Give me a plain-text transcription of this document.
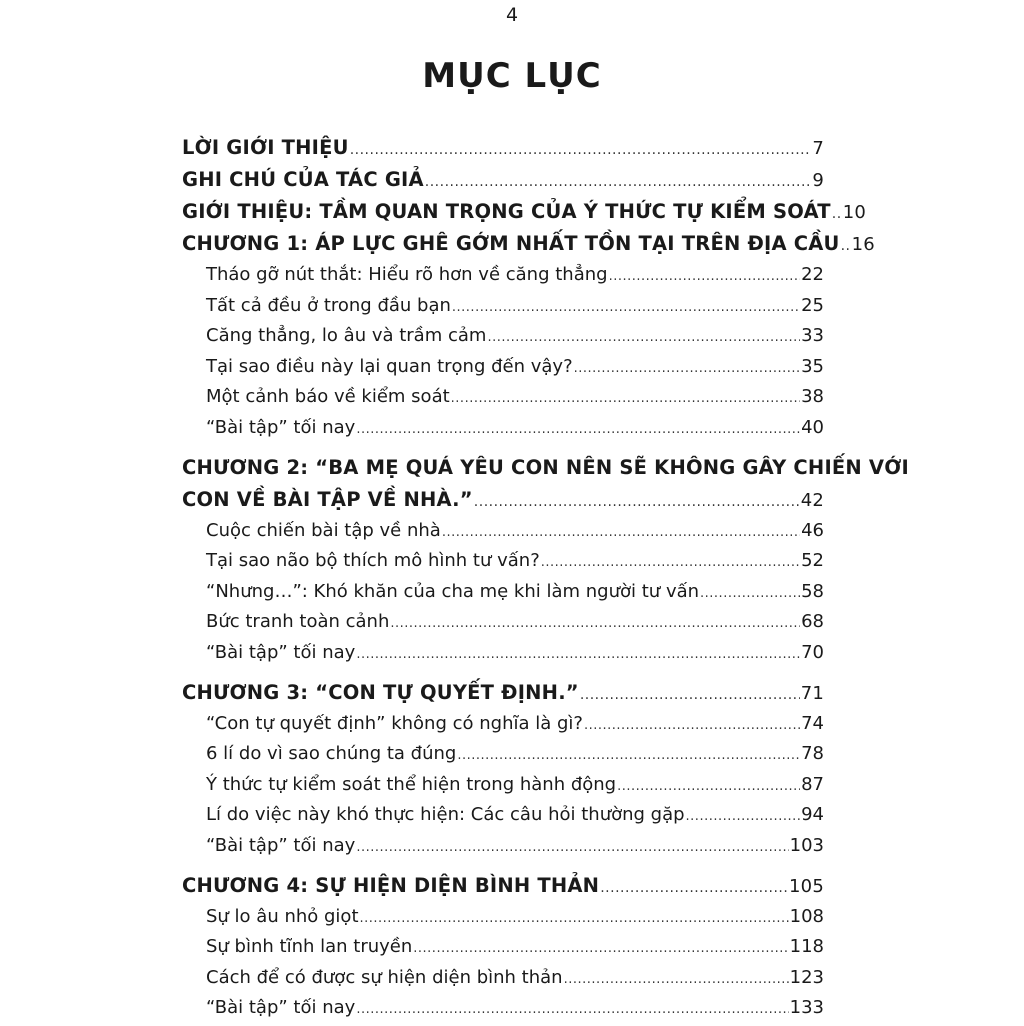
4
MỤC LỤC
LỜI GIỚI THIỆU .....	7
GHI CHÚ CỦA TÁC GIẢ .....	9
GIỚI THIỆU: TẦM QUAN TRỌNG CỦA Ý THỨC TỰ KIỂM SOÁT ..... 10
CHƯƠNG 1: ÁP LỰC GHÊ GỚM NHẤT TỒN TẠI TRÊN ĐỊA CẦU ..... 16
Tháo gỡ nút thắt: Hiểu rõ hơn về căng thẳng .....	22
Tất cả đều ở trong đầu bạn .....	25
Căng thẳng, lo âu và trầm cảm .....	33
Tại sao điều này lại quan trọng đến vậy? .....	35
Một cảnh báo về kiểm soát .....	38
“Bài tập” tối nay .....	40
CHƯƠNG 2: “BA MẸ QUÁ YÊU CON NÊN SẼ KHÔNG GÂY CHIẾN VỚI
CON VỀ BÀI TẬP VỀ NHÀ.” .....	42
Cuộc chiến bài tập về nhà .....	46
Tại sao não bộ thích mô hình tư vấn? .....	52
“Nhưng…”: Khó khăn của cha mẹ khi làm người tư vấn .....	58
Bức tranh toàn cảnh .....	68
“Bài tập” tối nay .....	70
CHƯƠNG 3: “CON TỰ QUYẾT ĐỊNH.” .....	71
“Con tự quyết định” không có nghĩa là gì? .....	74
6 lí do vì sao chúng ta đúng .....	78
Ý thức tự kiểm soát thể hiện trong hành động .....	87
Lí do việc này khó thực hiện: Các câu hỏi thường gặp .....	94
“Bài tập” tối nay .....	103
CHƯƠNG 4: SỰ HIỆN DIỆN BÌNH THẢN .....	105
Sự lo âu nhỏ giọt .....	108
Sự bình tĩnh lan truyền .....	118
Cách để có được sự hiện diện bình thản .....	123
“Bài tập” tối nay .....	133
